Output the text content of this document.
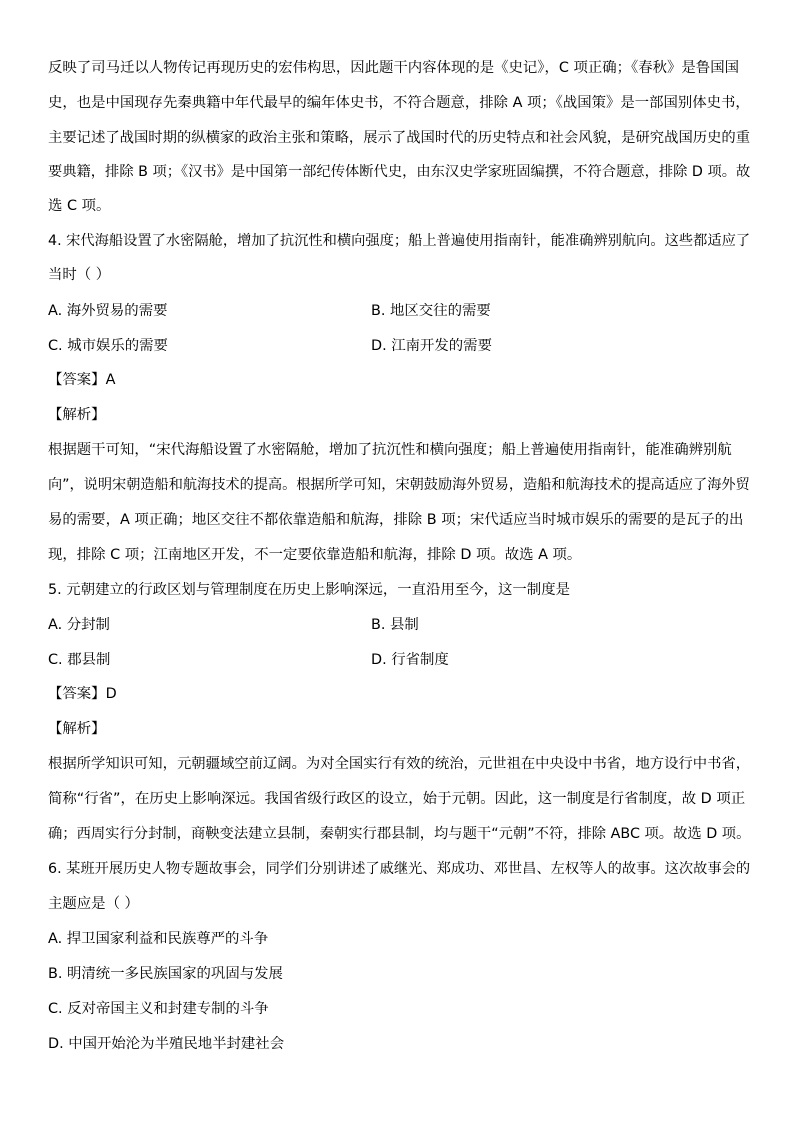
反映了司马迁以人物传记再现历史的宏伟构思，因此题干内容体现的是《史记》，C 项正确；《春秋》是鲁国国
史，也是中国现存先秦典籍中年代最早的编年体史书，不符合题意，排除 A 项；《战国策》是一部国别体史书，
主要记述了战国时期的纵横家的政治主张和策略，展示了战国时代的历史特点和社会风貌，是研究战国历史的重
要典籍，排除 B 项；《汉书》是中国第一部纪传体断代史，由东汉史学家班固编撰，不符合题意，排除 D 项。故
选 C 项。
4. 宋代海船设置了水密隔舱，增加了抗沉性和横向强度；船上普遍使用指南针，能准确辨别航向。这些都适应了
当时（ ）
A. 海外贸易的需要	B. 地区交往的需要
C. 城市娱乐的需要	D. 江南开发的需要
【答案】A
【解析】
根据题干可知，“宋代海船设置了水密隔舱，增加了抗沉性和横向强度；船上普遍使用指南针，能准确辨别航
向”，说明宋朝造船和航海技术的提高。根据所学可知，宋朝鼓励海外贸易，造船和航海技术的提高适应了海外贸
易的需要，A 项正确；地区交往不都依靠造船和航海，排除 B 项；宋代适应当时城市娱乐的需要的是瓦子的出
现，排除 C 项；江南地区开发，不一定要依靠造船和航海，排除 D 项。故选 A 项。
5. 元朝建立的行政区划与管理制度在历史上影响深远，一直沿用至今，这一制度是
A. 分封制	B. 县制
C. 郡县制	D. 行省制度
【答案】D
【解析】
根据所学知识可知，元朝疆域空前辽阔。为对全国实行有效的统治，元世祖在中央设中书省，地方设行中书省，
简称“行省”，在历史上影响深远。我国省级行政区的设立，始于元朝。因此，这一制度是行省制度，故 D 项正
确；西周实行分封制，商鞅变法建立县制，秦朝实行郡县制，均与题干“元朝”不符，排除 ABC 项。故选 D 项。
6. 某班开展历史人物专题故事会，同学们分别讲述了戚继光、郑成功、邓世昌、左权等人的故事。这次故事会的
主题应是（ ）
A. 捍卫国家利益和民族尊严的斗争
B. 明清统一多民族国家的巩固与发展
C. 反对帝国主义和封建专制的斗争
D. 中国开始沦为半殖民地半封建社会
